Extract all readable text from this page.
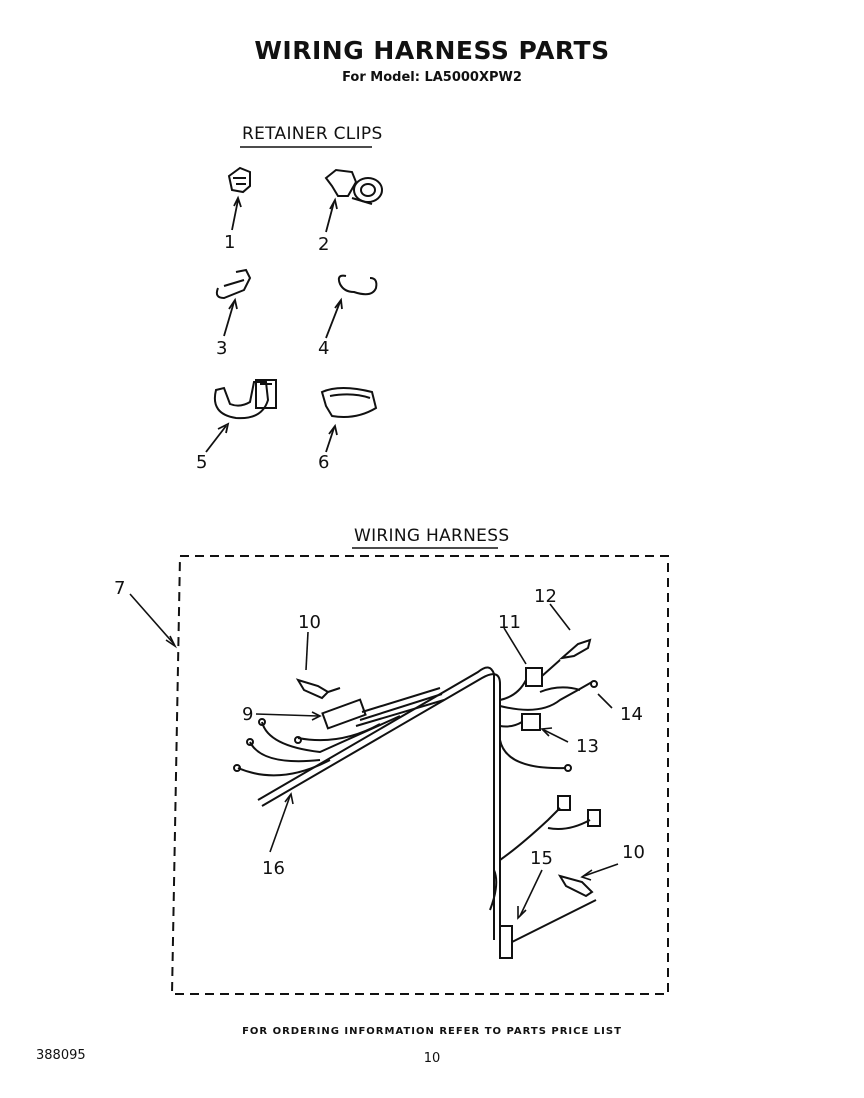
WIRING HARNESS PARTS
For Model: LA5000XPW2
RETAINER CLIPS
WIRING HARNESS
1	2
3	4
5	6
7
9
10	11
12
13
14
15
16
10
FOR ORDERING INFORMATION REFER TO PARTS PRICE LIST
388095	10
